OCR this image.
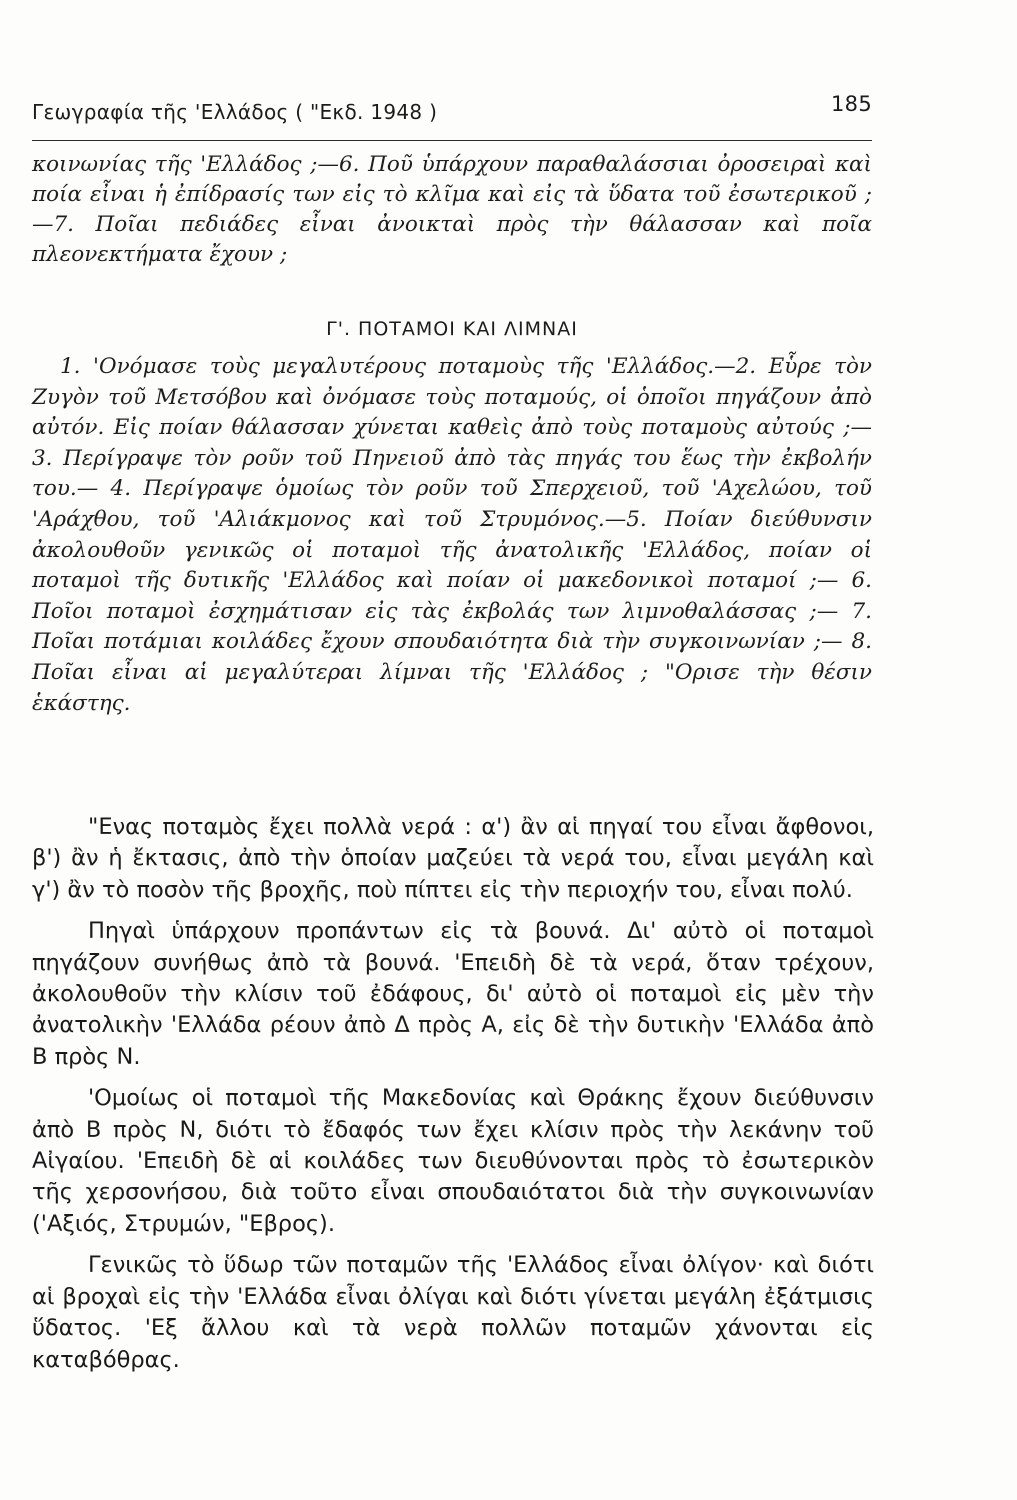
Γεωγραφία τῆς 'Ελλάδος ( "Εκδ. 1948 )	185

κοινωνίας τῆς 'Ελλάδος ;—6. Ποῦ ὑπάρχουν παραθαλάσσιαι ὀροσειραὶ καὶ ποία εἶναι ἡ ἐπίδρασίς των εἰς τὸ κλῖμα καὶ εἰς τὰ ὕδατα τοῦ ἐσωτερικοῦ ;—7. Ποῖαι πεδιάδες εἶναι ἀνοικταὶ πρὸς τὴν θάλασσαν καὶ ποῖα πλεονεκτήματα ἔχουν ;

Γ'. ΠΟΤΑΜΟΙ ΚΑΙ ΛΙΜΝΑΙ

1. 'Ονόμασε τοὺς μεγαλυτέρους ποταμοὺς τῆς 'Ελλάδος.—2. Εὗρε τὸν Ζυγὸν τοῦ Μετσόβου καὶ ὀνόμασε τοὺς ποταμούς, οἱ ὁποῖοι πηγάζουν ἀπὸ αὐτόν. Εἰς ποίαν θάλασσαν χύνεται καθεὶς ἀπὸ τοὺς ποταμοὺς αὐτούς ;— 3. Περίγραψε τὸν ροῦν τοῦ Πηνειοῦ ἀπὸ τὰς πηγάς του ἕως τὴν ἐκβολήν του.— 4. Περίγραψε ὁμοίως τὸν ροῦν τοῦ Σπερχειοῦ, τοῦ 'Αχελώου, τοῦ 'Αράχθου, τοῦ 'Αλιάκμονος καὶ τοῦ Στρυμόνος.—5. Ποίαν διεύθυνσιν ἀκολουθοῦν γενικῶς οἱ ποταμοὶ τῆς ἀνατολικῆς 'Ελλάδος, ποίαν οἱ ποταμοὶ τῆς δυτικῆς 'Ελλάδος καὶ ποίαν οἱ μακεδονικοὶ ποταμοί ;— 6. Ποῖοι ποταμοὶ ἐσχημάτισαν εἰς τὰς ἐκβολάς των λιμνοθαλάσσας ;— 7. Ποῖαι ποτάμιαι κοιλάδες ἔχουν σπουδαιότητα διὰ τὴν συγκοινωνίαν ;— 8. Ποῖαι εἶναι αἱ μεγαλύτεραι λίμναι τῆς 'Ελλάδος ; "Ορισε τὴν θέσιν ἑκάστης.

"Ενας ποταμὸς ἔχει πολλὰ νερά : α') ἂν αἱ πηγαί του εἶναι ἄφθονοι, β') ἂν ἡ ἔκτασις, ἀπὸ τὴν ὁποίαν μαζεύει τὰ νερά του, εἶναι μεγάλη καὶ γ') ἂν τὸ ποσὸν τῆς βροχῆς, ποὺ πίπτει εἰς τὴν περιοχήν του, εἶναι πολύ.

Πηγαὶ ὑπάρχουν προπάντων εἰς τὰ βουνά. Δι' αὐτὸ οἱ ποταμοὶ πηγάζουν συνήθως ἀπὸ τὰ βουνά. 'Επειδὴ δὲ τὰ νερά, ὅταν τρέχουν, ἀκολουθοῦν τὴν κλίσιν τοῦ ἐδάφους, δι' αὐτὸ οἱ ποταμοὶ εἰς μὲν τὴν ἀνατολικὴν 'Ελλάδα ρέουν ἀπὸ Δ πρὸς Α, εἰς δὲ τὴν δυτικὴν 'Ελλάδα ἀπὸ Β πρὸς Ν.

'Ομοίως οἱ ποταμοὶ τῆς Μακεδονίας καὶ Θράκης ἔχουν διεύθυνσιν ἀπὸ Β πρὸς Ν, διότι τὸ ἔδαφός των ἔχει κλίσιν πρὸς τὴν λεκάνην τοῦ Αἰγαίου. 'Επειδὴ δὲ αἱ κοιλάδες των διευθύνονται πρὸς τὸ ἐσωτερικὸν τῆς χερσονήσου, διὰ τοῦτο εἶναι σπουδαιότατοι διὰ τὴν συγκοινωνίαν ('Αξιός, Στρυμών, "Εβρος).

Γενικῶς τὸ ὕδωρ τῶν ποταμῶν τῆς 'Ελλάδος εἶναι ὀλίγον· καὶ διότι αἱ βροχαὶ εἰς τὴν 'Ελλάδα εἶναι ὀλίγαι καὶ διότι γίνεται μεγάλη ἐξάτμισις ὕδατος. 'Εξ ἄλλου καὶ τὰ νερὰ πολλῶν ποταμῶν χάνονται εἰς καταβόθρας.
